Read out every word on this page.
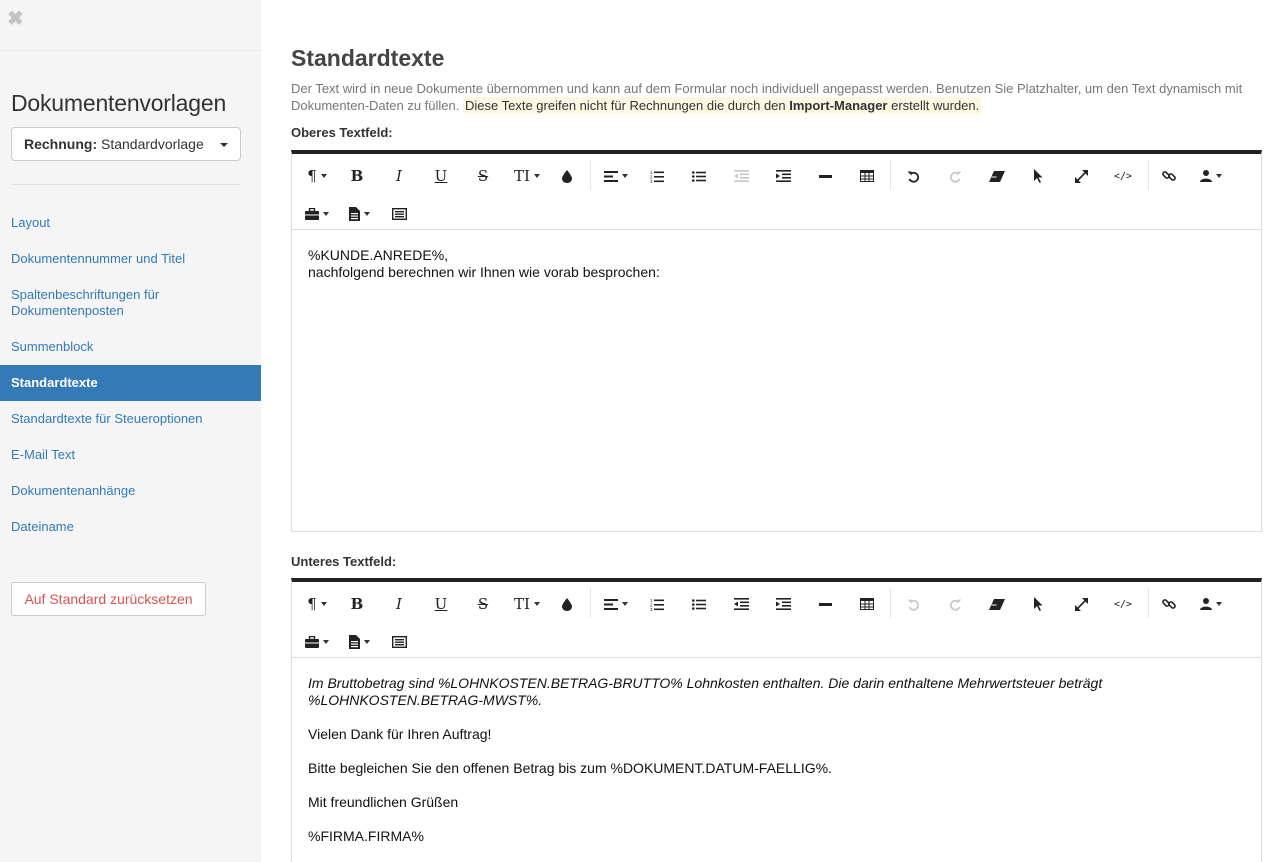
✖
Dokumentenvorlagen
Rechnung: Standardvorlage
Layout
Dokumentennummer und Titel
Spaltenbeschriftungen für Dokumentenposten
Summenblock
Standardtexte
Standardtexte für Steueroptionen
E-Mail Text
Dokumentenanhänge
Dateiname
Auf Standard zurücksetzen
Standardtexte
Der Text wird in neue Dokumente übernommen und kann auf dem Formular noch individuell angepasst werden. Benutzen Sie Platzhalter, um den Text dynamisch mit Dokumenten-Daten zu füllen. Diese Texte greifen nicht für Rechnungen die durch den Import-Manager erstellt wurden.
Oberes Textfeld:
¶	B	I	U	S	TI	1
2
3	</>
%KUNDE.ANREDE%,
nachfolgend berechnen wir Ihnen wie vorab besprochen:
Unteres Textfeld:
¶	B	I	U	S	TI	1
2
3	</>

Im Bruttobetrag sind %LOHNKOSTEN.BETRAG-BRUTTO% Lohnkosten enthalten. Die darin enthaltene Mehrwertsteuer beträgt %LOHNKOSTEN.BETRAG-MWST%.

Vielen Dank für Ihren Auftrag!

Bitte begleichen Sie den offenen Betrag bis zum %DOKUMENT.DATUM-FAELLIG%.

Mit freundlichen Grüßen

%FIRMA.FIRMA%
